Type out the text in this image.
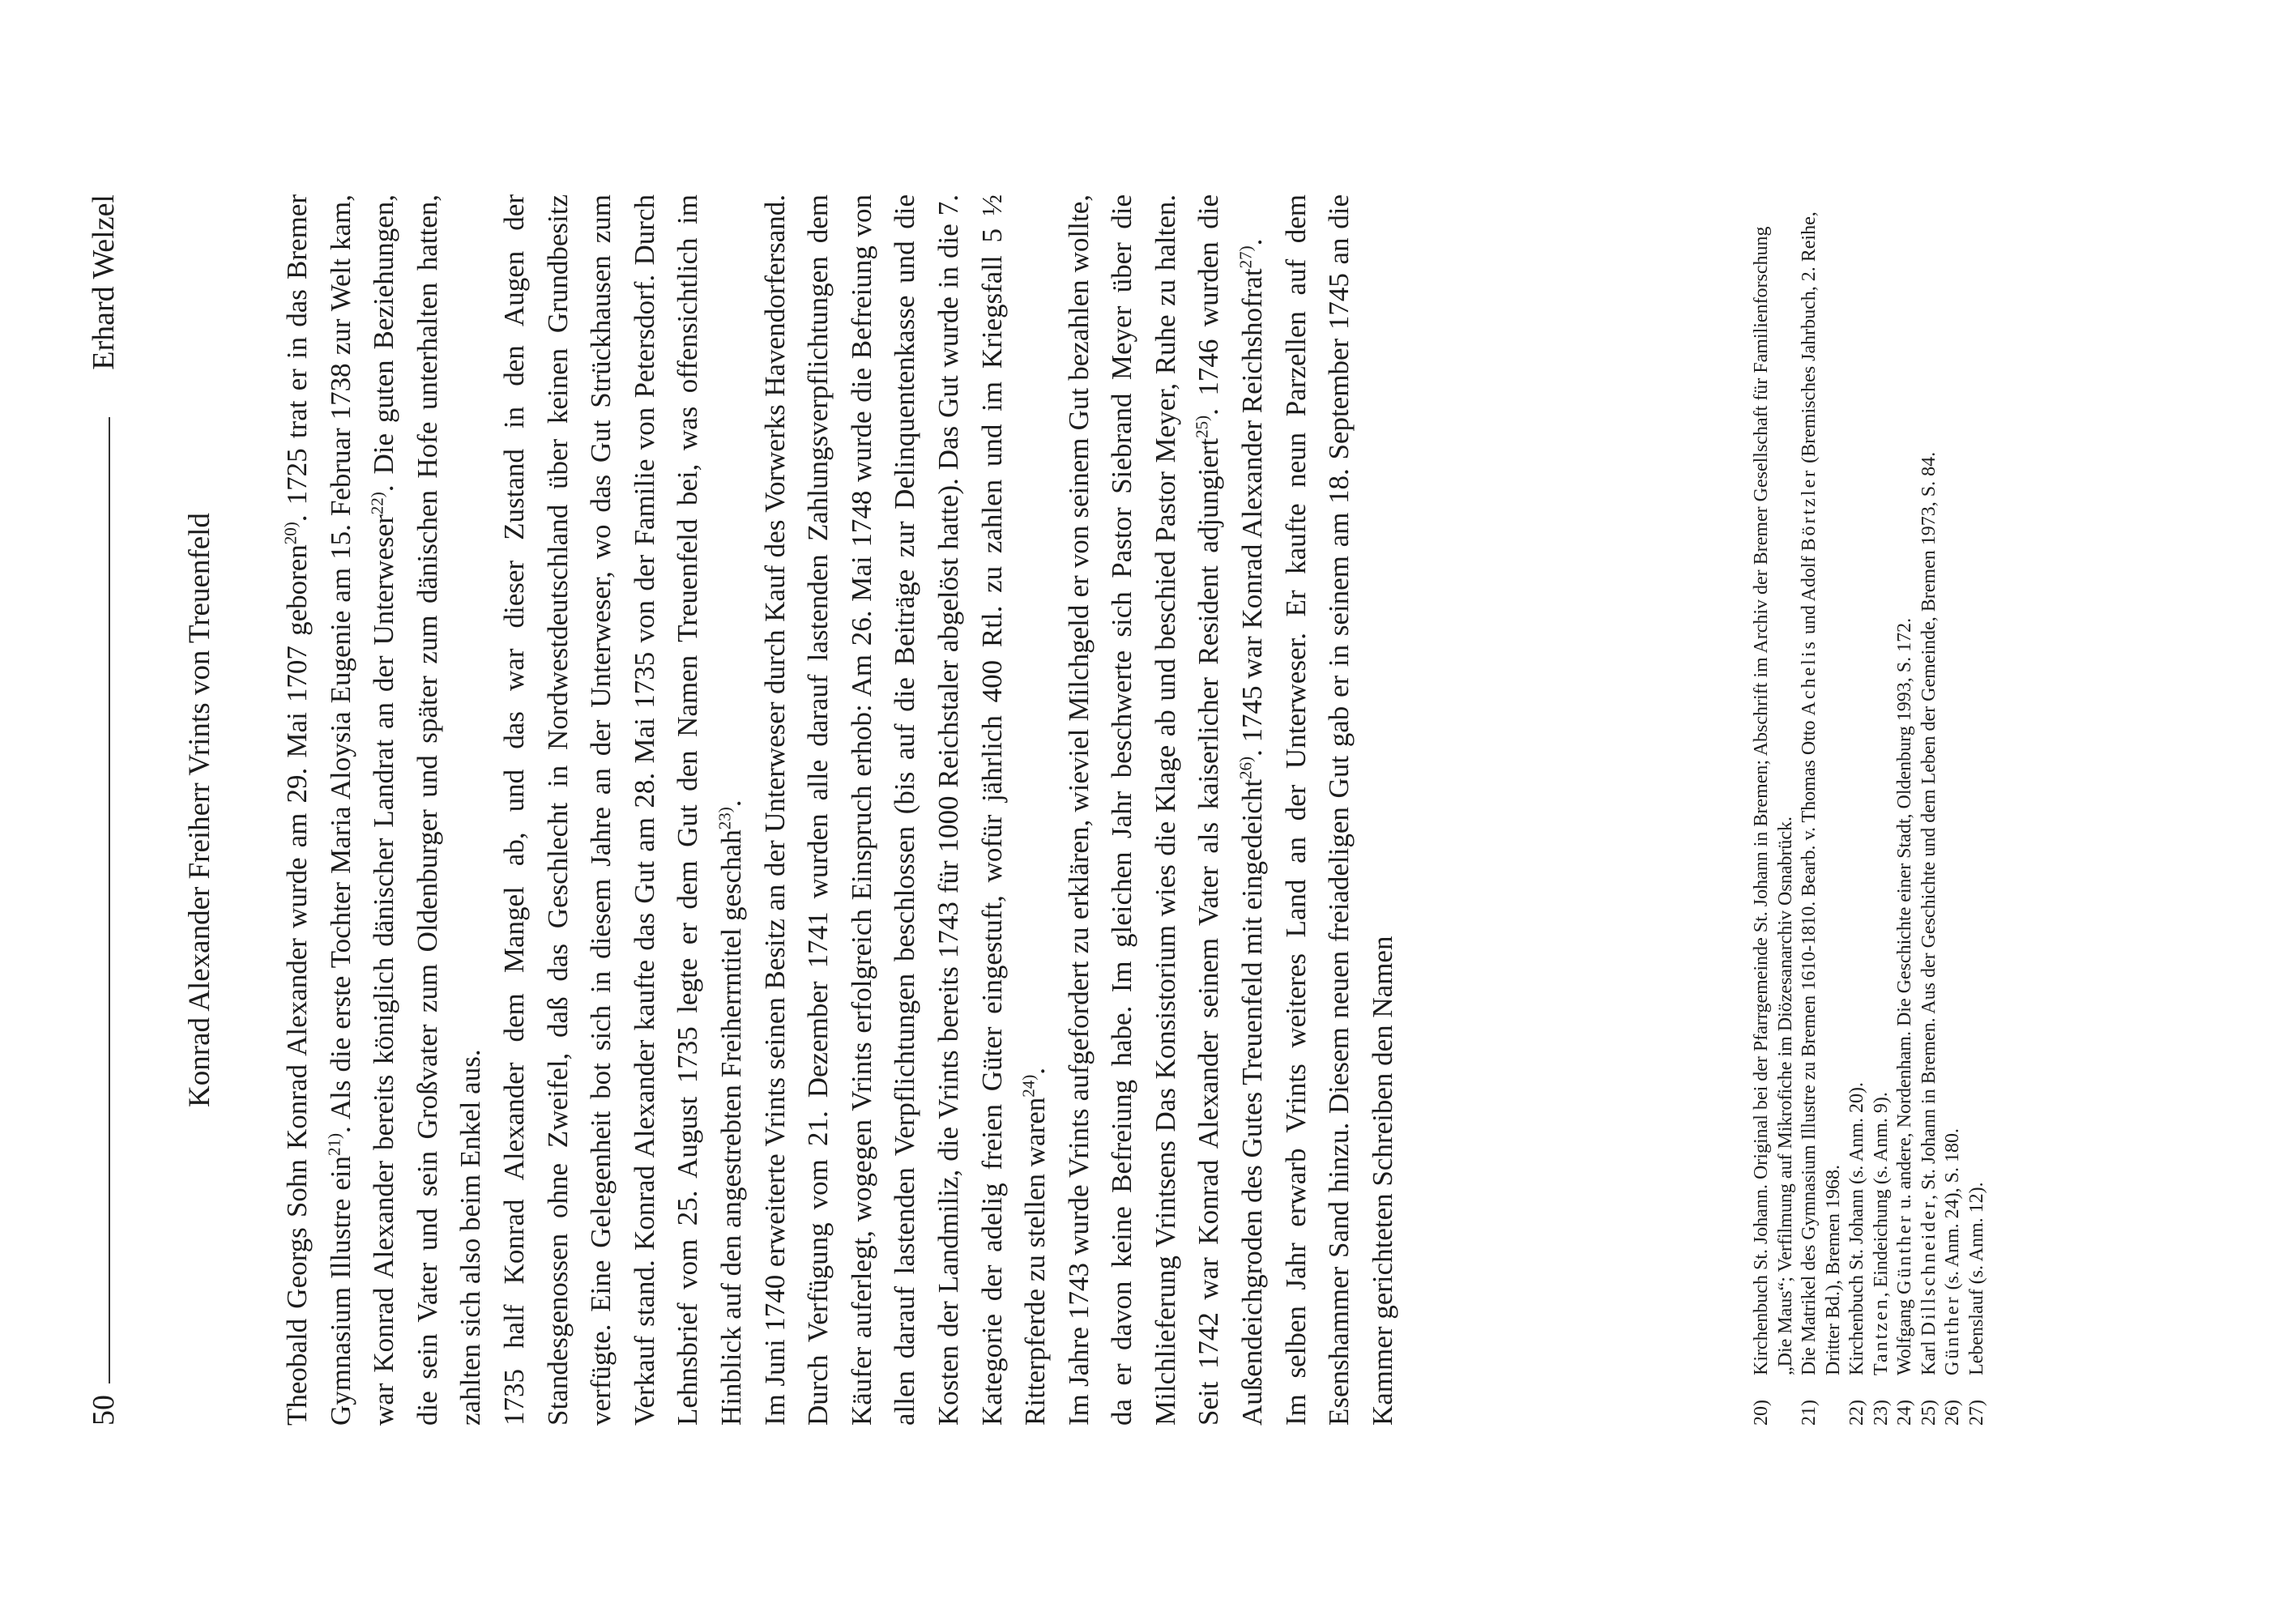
50
Erhard Welzel
Konrad Alexander Freiherr Vrints von Treuenfeld Theobald Georgs Sohn Konrad Alexander wurde am 29. Mai 1707 geboren$^{20)}$. 1725 trat er in das Bremer Gymnasium Illustre ein$^{21)}$. Als die erste Tochter Maria Aloysia Eugenie am 15. Februar 1738 zur Welt kam, war Konrad Alexander bereits königlich dänischer Landrat an der Unterweser$^{22)}$. Die guten Beziehungen, die sein Vater und sein Großvater zum Oldenburger und später zum dänischen Hofe unterhalten hatten, zahlten sich also beim Enkel aus. 1735 half Konrad Alexander dem Mangel ab, und das war dieser Zustand in den Augen der Standesgenossen ohne Zweifel, daß das Geschlecht in Nordwestdeutschland über keinen Grundbesitz verfügte. Eine Gelegenheit bot sich in diesem Jahre an der Unterweser, wo das Gut Strückhausen zum Verkauf stand. Konrad Alexander kaufte das Gut am 28. Mai 1735 von der Familie von Petersdorf. Durch Lehnsbrief vom 25. August 1735 legte er dem Gut den Namen Treuenfeld bei, was offensichtlich im Hinblick auf den angestrebten Freiherrntitel geschah$^{23)}$. Im Juni 1740 erweiterte Vrints seinen Besitz an der Unterweser durch Kauf des Vorwerks Havendorfersand. Durch Verfügung vom 21. Dezember 1741 wurden alle darauf lastenden Zahlungsverpflichtungen dem Käufer auferlegt, wogegen Vrints erfolgreich Einspruch erhob: Am 26. Mai 1748 wurde die Befreiung von allen darauf lastenden Verpflichtungen beschlossen (bis auf die Beiträge zur Delinquentenkasse und die Kosten der Landmiliz, die Vrints bereits 1743 für 1000 Reichstaler abgelöst hatte). Das Gut wurde in die 7. Kategorie der adelig freien Güter eingestuft, wofür jährlich 400 Rtl. zu zahlen und im Kriegsfall 5 ½ Ritterpferde zu stellen waren$^{24)}$. Im Jahre 1743 wurde Vrints aufgefordert zu erklären, wieviel Milchgeld er von seinem Gut bezahlen wollte, da er davon keine Befreiung habe. Im gleichen Jahr beschwerte sich Pastor Siebrand Meyer über die Milchlieferung Vrintsens Das Konsistorium wies die Klage ab und beschied Pastor Meyer, Ruhe zu halten. Seit 1742 war Konrad Alexander seinem Vater als kaiserlicher Resident adjungiert$^{25)}$. 1746 wurden die Außendeichgroden des Gutes Treuenfeld mit eingedeicht$^{26)}$. 1745 war Konrad Alexander Reichshofrat$^{27)}$. Im selben Jahr erwarb Vrints weiteres Land an der Unterweser. Er kaufte neun Parzellen auf dem Esenshammer Sand hinzu. Diesem neuen freiadeligen Gut gab er in seinem am 18. September 1745 an die Kammer gerichteten Schreiben den Namen	20)
Kirchenbuch St. Johann. Original bei der Pfarrgemeinde St. Johann in Bremen; Abschrift im Archiv der Bremer Gesellschaft für Familienforschung „Die Maus“; Verfilmung auf Mikrofiche im Diözesanarchiv Osnabrück.
21)
Die Matrikel des Gymnasium Illustre zu Bremen 1610-1810. Bearb. v. Thomas Otto Achelis und Adolf Börtzler (Bremisches Jahrbuch, 2. Reihe, Dritter Bd.), Bremen 1968.
22)
Kirchenbuch St. Johann (s. Anm. 20).
23)
Tantzen, Eindeichung (s. Anm. 9).
24)
Wolfgang Günther u. andere, Nordenham. Die Geschichte einer Stadt, Oldenburg 1993, S. 172.
25)
Karl Dillschneider, St. Johann in Bremen. Aus der Geschichte und dem Leben der Gemeinde, Bremen 1973, S. 84.
26)
Günther (s. Anm. 24), S. 180.
27)
Lebenslauf (s. Anm. 12).
